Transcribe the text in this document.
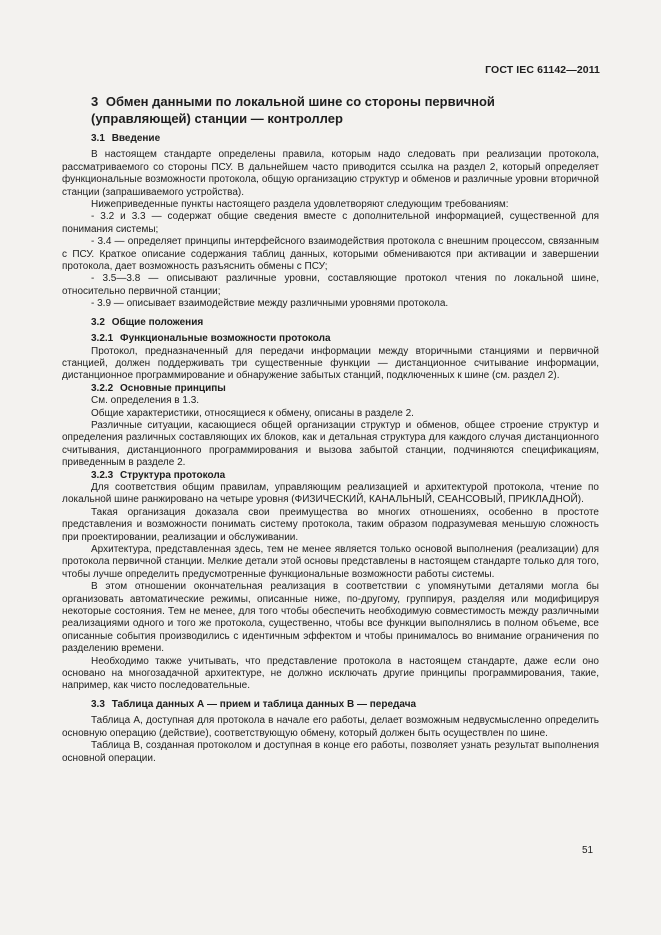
ГОСТ IEC 61142—2011
3 Обмен данными по локальной шине со стороны первичной (управляющей) станции — контроллер

3.1 Введение

В настоящем стандарте определены правила, которым надо следовать при реализации протокола, рассматриваемого со стороны ПСУ. В дальнейшем часто приводится ссылка на раздел 2, который определяет функциональные возможности протокола, общую организацию структур и обменов и различные уровни вторичной станции (запрашиваемого устройства).

Нижеприведенные пункты настоящего раздела удовлетворяют следующим требованиям:

- 3.2 и 3.3 — содержат общие сведения вместе с дополнительной информацией, существенной для понимания системы;

- 3.4 — определяет принципы интерфейсного взаимодействия протокола с внешним процессом, связанным с ПСУ. Краткое описание содержания таблиц данных, которыми обмениваются при активации и завершении протокола, дает возможность разъяснить обмены с ПСУ;

- 3.5—3.8 — описывают различные уровни, составляющие протокол чтения по локальной шине, относительно первичной станции;

- 3.9 — описывает взаимодействие между различными уровнями протокола.

3.2 Общие положения

3.2.1 Функциональные возможности протокола

Протокол, предназначенный для передачи информации между вторичными станциями и первичной станцией, должен поддерживать три существенные функции — дистанционное считывание информации, дистанционное программирование и обнаружение забытых станций, подключенных к шине (см. раздел 2).

3.2.2 Основные принципы

См. определения в 1.3.

Общие характеристики, относящиеся к обмену, описаны в разделе 2.

Различные ситуации, касающиеся общей организации структур и обменов, общее строение структур и определения различных составляющих их блоков, как и детальная структура для каждого случая дистанционного считывания, дистанционного программирования и вызова забытой станции, подчиняются спецификациям, приведенным в разделе 2.

3.2.3 Структура протокола

Для соответствия общим правилам, управляющим реализацией и архитектурой протокола, чтение по локальной шине ранжировано на четыре уровня (ФИЗИЧЕСКИЙ, КАНАЛЬНЫЙ, СЕАНСОВЫЙ, ПРИКЛАДНОЙ).

Такая организация доказала свои преимущества во многих отношениях, особенно в простоте представления и возможности понимать систему протокола, таким образом подразумевая меньшую сложность при проектировании, реализации и обслуживании.

Архитектура, представленная здесь, тем не менее является только основой выполнения (реализации) для протокола первичной станции. Мелкие детали этой основы представлены в настоящем стандарте только для того, чтобы лучше определить предусмотренные функциональные возможности работы системы.

В этом отношении окончательная реализация в соответствии с упомянутыми деталями могла бы организовать автоматические режимы, описанные ниже, по-другому, группируя, разделяя или модифицируя некоторые состояния. Тем не менее, для того чтобы обеспечить необходимую совместимость между различными реализациями одного и того же протокола, существенно, чтобы все функции выполнялись в полном объеме, все описанные события производились с идентичным эффектом и чтобы принималось во внимание ограничения по разделению времени.

Необходимо также учитывать, что представление протокола в настоящем стандарте, даже если оно основано на многозадачной архитектуре, не должно исключать другие принципы программирования, такие, например, как чисто последовательные.

3.3 Таблица данных А — прием и таблица данных В — передача

Таблица А, доступная для протокола в начале его работы, делает возможным недвусмысленно определить основную операцию (действие), соответствующую обмену, который должен быть осуществлен по шине.

Таблица В, созданная протоколом и доступная в конце его работы, позволяет узнать результат выполнения основной операции.

51
